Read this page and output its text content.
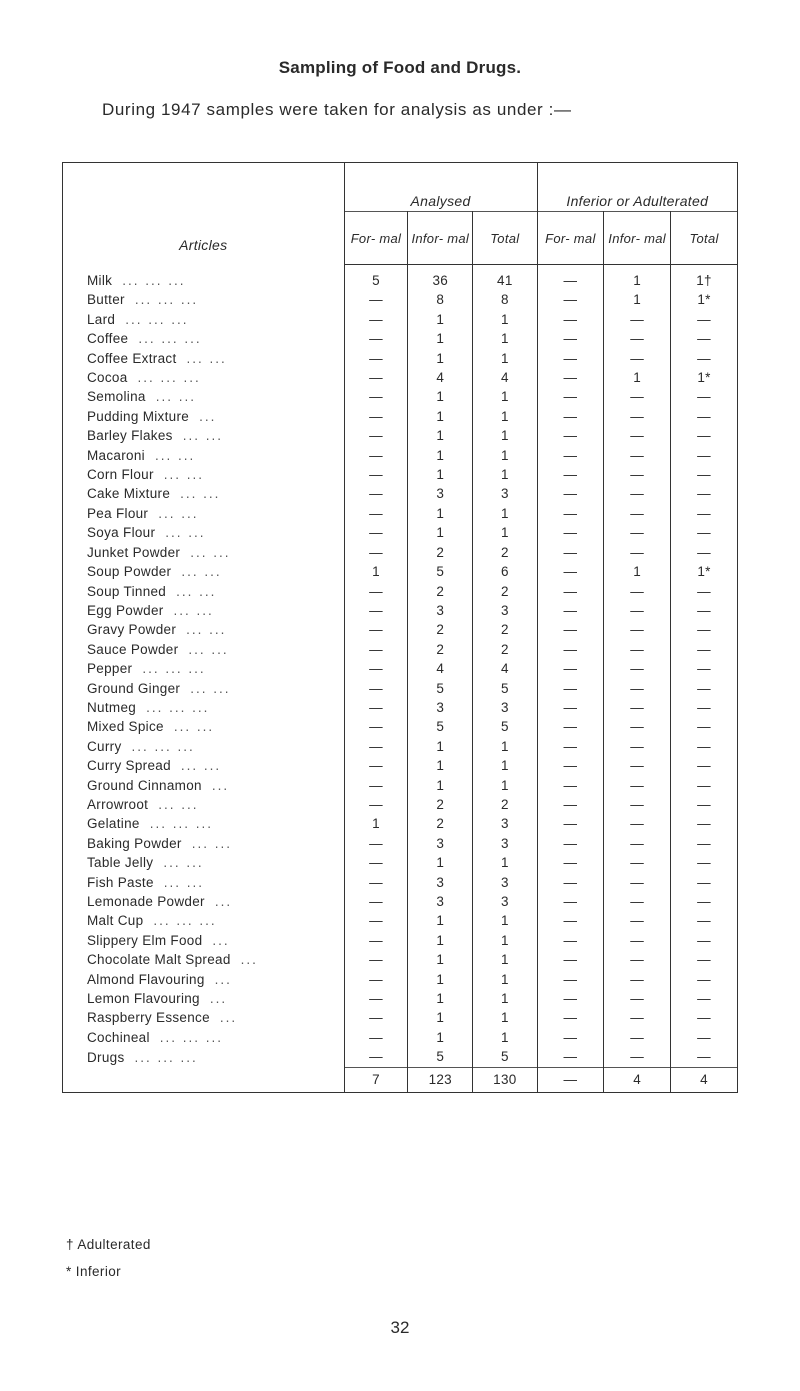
Sampling of Food and Drugs.
During 1947 samples were taken for analysis as under :—
Articles	Analysed			Inferior or Adulterated		
	For- mal	Infor- mal	Total	For- mal	Infor- mal	Total
Milk ... ... ...	5	36	41	—	1	1†
Butter ... ... ...	—	8	8	—	1	1*
Lard ... ... ...	—	1	1	—	—	—
Coffee ... ... ...	—	1	1	—	—	—
Coffee Extract ... ...	—	1	1	—	—	—
Cocoa ... ... ...	—	4	4	—	1	1*
Semolina ... ...	—	1	1	—	—	—
Pudding Mixture ...	—	1	1	—	—	—
Barley Flakes ... ...	—	1	1	—	—	—
Macaroni ... ...	—	1	1	—	—	—
Corn Flour ... ...	—	1	1	—	—	—
Cake Mixture ... ...	—	3	3	—	—	—
Pea Flour ... ...	—	1	1	—	—	—
Soya Flour ... ...	—	1	1	—	—	—
Junket Powder ... ...	—	2	2	—	—	—
Soup Powder ... ...	1	5	6	—	1	1*
Soup Tinned ... ...	—	2	2	—	—	—
Egg Powder ... ...	—	3	3	—	—	—
Gravy Powder ... ...	—	2	2	—	—	—
Sauce Powder ... ...	—	2	2	—	—	—
Pepper ... ... ...	—	4	4	—	—	—
Ground Ginger ... ...	—	5	5	—	—	—
Nutmeg ... ... ...	—	3	3	—	—	—
Mixed Spice ... ...	—	5	5	—	—	—
Curry ... ... ...	—	1	1	—	—	—
Curry Spread ... ...	—	1	1	—	—	—
Ground Cinnamon ...	—	1	1	—	—	—
Arrowroot ... ...	—	2	2	—	—	—
Gelatine ... ... ...	1	2	3	—	—	—
Baking Powder ... ...	—	3	3	—	—	—
Table Jelly ... ...	—	1	1	—	—	—
Fish Paste ... ...	—	3	3	—	—	—
Lemonade Powder ...	—	3	3	—	—	—
Malt Cup ... ... ...	—	1	1	—	—	—
Slippery Elm Food ...	—	1	1	—	—	—
Chocolate Malt Spread ...	—	1	1	—	—	—
Almond Flavouring ...	—	1	1	—	—	—
Lemon Flavouring ...	—	1	1	—	—	—
Raspberry Essence ...	—	1	1	—	—	—
Cochineal ... ... ...	—	1	1	—	—	—
Drugs ... ... ...	—	5	5	—	—	—
	7	123	130	—	4	4
† Adulterated
* Inferior
32
